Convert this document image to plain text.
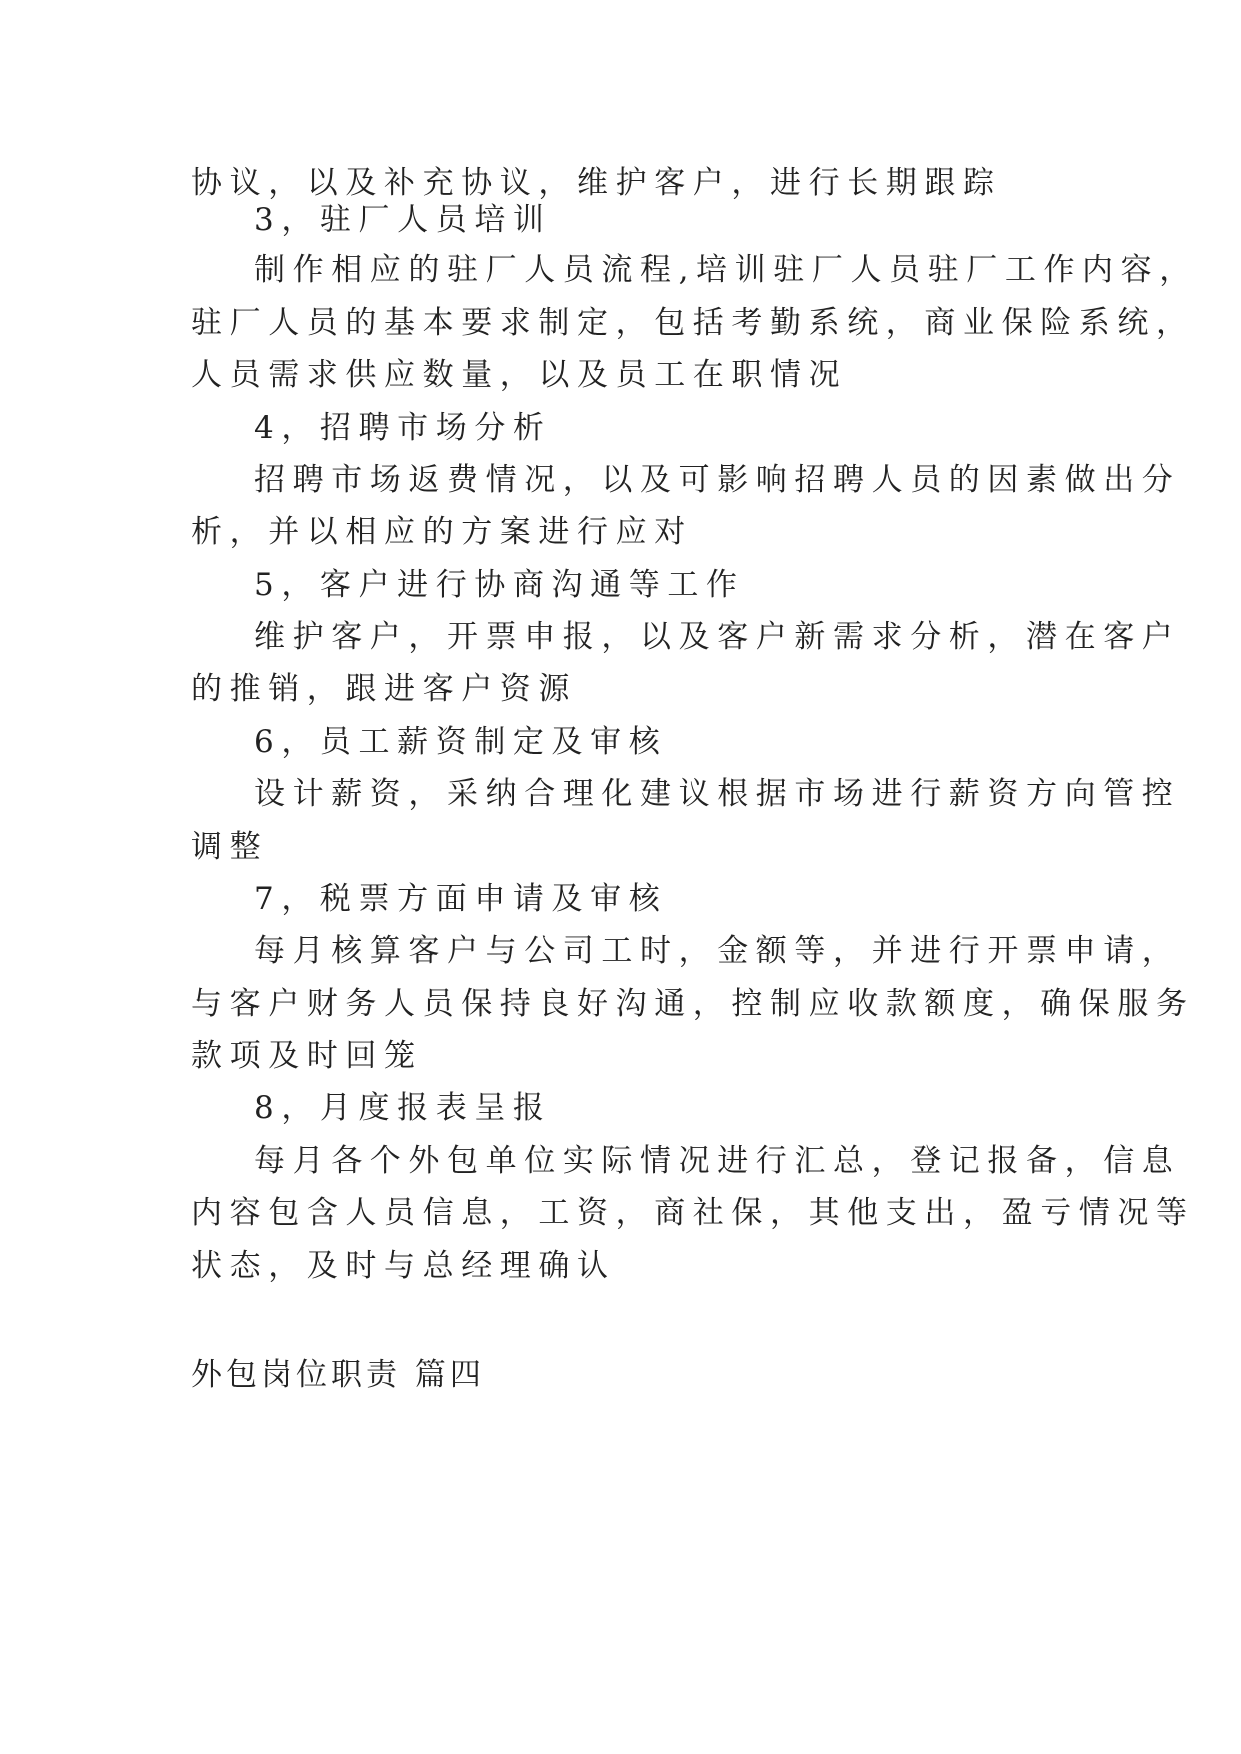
协议，以及补充协议，维护客户，进行长期跟踪
3，驻厂人员培训
制作相应的驻厂人员流程,培训驻厂人员驻厂工作内容，
驻厂人员的基本要求制定，包括考勤系统，商业保险系统，
人员需求供应数量，以及员工在职情况
4，招聘市场分析
招聘市场返费情况，以及可影响招聘人员的因素做出分
析，并以相应的方案进行应对
5，客户进行协商沟通等工作
维护客户，开票申报，以及客户新需求分析，潜在客户
的推销，跟进客户资源
6，员工薪资制定及审核
设计薪资，采纳合理化建议根据市场进行薪资方向管控
调整
7，税票方面申请及审核
每月核算客户与公司工时，金额等，并进行开票申请，
与客户财务人员保持良好沟通，控制应收款额度，确保服务
款项及时回笼
8，月度报表呈报
每月各个外包单位实际情况进行汇总，登记报备，信息
内容包含人员信息，工资，商社保，其他支出，盈亏情况等
状态，及时与总经理确认
外包岗位职责 篇四
